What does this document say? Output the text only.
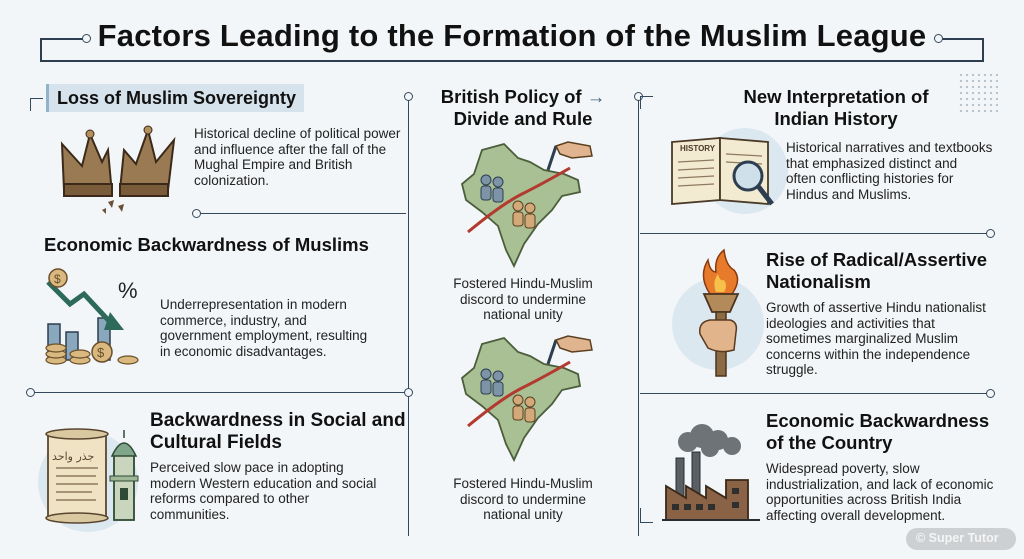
Factors Leading to the Formation of the Muslim League
Loss of Muslim Sovereignty
Historical decline of political power
and influence after the fall of the
Mughal Empire and British
colonization.
Economic Backwardness of Muslims
%
$
$
Underrepresentation in modern
commerce, industry, and
government employment, resulting
in economic disadvantages.
Backwardness in Social and
Cultural Fields
جذر واحد
Perceived slow pace in adopting
modern Western education and social
reforms compared to other
communities.
British Policy of →
Divide and Rule
Fostered Hindu-Muslim
discord to undermine
national unity
Fostered Hindu-Muslim
discord to undermine
national unity
New Interpretation of
Indian History
HISTORY	Historical narratives and textbooks
that emphasized distinct and
often conflicting histories for
Hindus and Muslims.
Rise of Radical/Assertive
Nationalism
Growth of assertive Hindu nationalist
ideologies and activities that
sometimes marginalized Muslim
concerns within the independence
struggle.
Economic Backwardness
of the Country
Widespread poverty, slow
industrialization, and lack of economic
opportunities across British India
affecting overall development.
© Super Tutor
